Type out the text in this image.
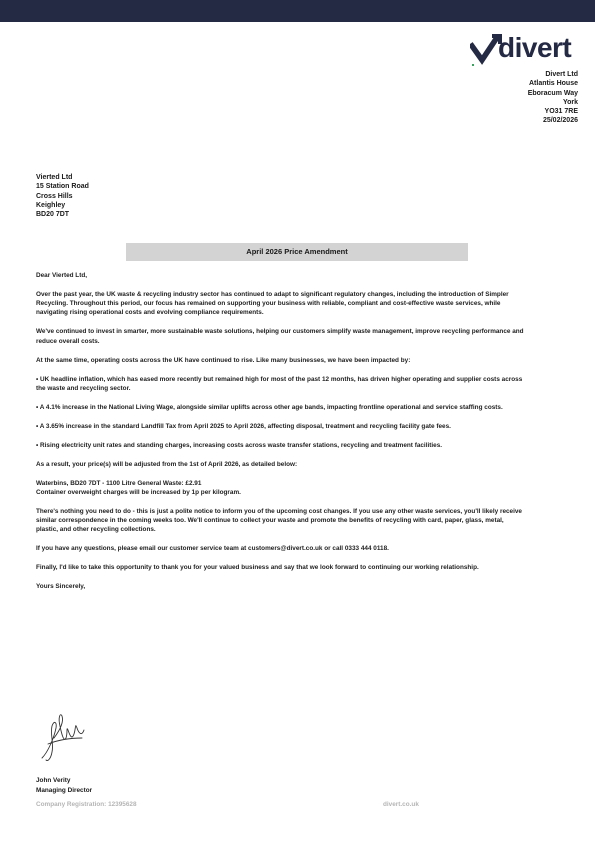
divert
Divert Ltd
Atlantis House
Eboracum Way
York
YO31 7RE
25/02/2026
Vierted Ltd
15 Station Road
Cross Hills
Keighley
BD20 7DT
April 2026 Price Amendment

Dear Vierted Ltd,

Over the past year, the UK waste & recycling industry sector has continued to adapt to significant regulatory changes, including the introduction of Simpler Recycling. Throughout this period, our focus has remained on supporting your business with reliable, compliant and cost-effective waste services, while navigating rising operational costs and evolving compliance requirements.

We've continued to invest in smarter, more sustainable waste solutions, helping our customers simplify waste management, improve recycling performance and reduce overall costs.

At the same time, operating costs across the UK have continued to rise. Like many businesses, we have been impacted by:

• UK headline inflation, which has eased more recently but remained high for most of the past 12 months, has driven higher operating and supplier costs across the waste and recycling sector.

• A 4.1% increase in the National Living Wage, alongside similar uplifts across other age bands, impacting frontline operational and service staffing costs.

• A 3.65% increase in the standard Landfill Tax from April 2025 to April 2026, affecting disposal, treatment and recycling facility gate fees.

• Rising electricity unit rates and standing charges, increasing costs across waste transfer stations, recycling and treatment facilities.

As a result, your price(s) will be adjusted from the 1st of April 2026, as detailed below:

Waterbins, BD20 7DT - 1100 Litre General Waste: £2.91

Container overweight charges will be increased by 1p per kilogram.

There's nothing you need to do - this is just a polite notice to inform you of the upcoming cost changes. If you use any other waste services, you'll likely receive similar correspondence in the coming weeks too. We'll continue to collect your waste and promote the benefits of recycling with card, paper, glass, metal, plastic, and other recycling collections.

If you have any questions, please email our customer service team at customers@divert.co.uk or call 0333 444 0118.

Finally, I'd like to take this opportunity to thank you for your valued business and say that we look forward to continuing our working relationship.

Yours Sincerely,

John Verity
Managing Director
Company Registration: 12395628	divert.co.uk
